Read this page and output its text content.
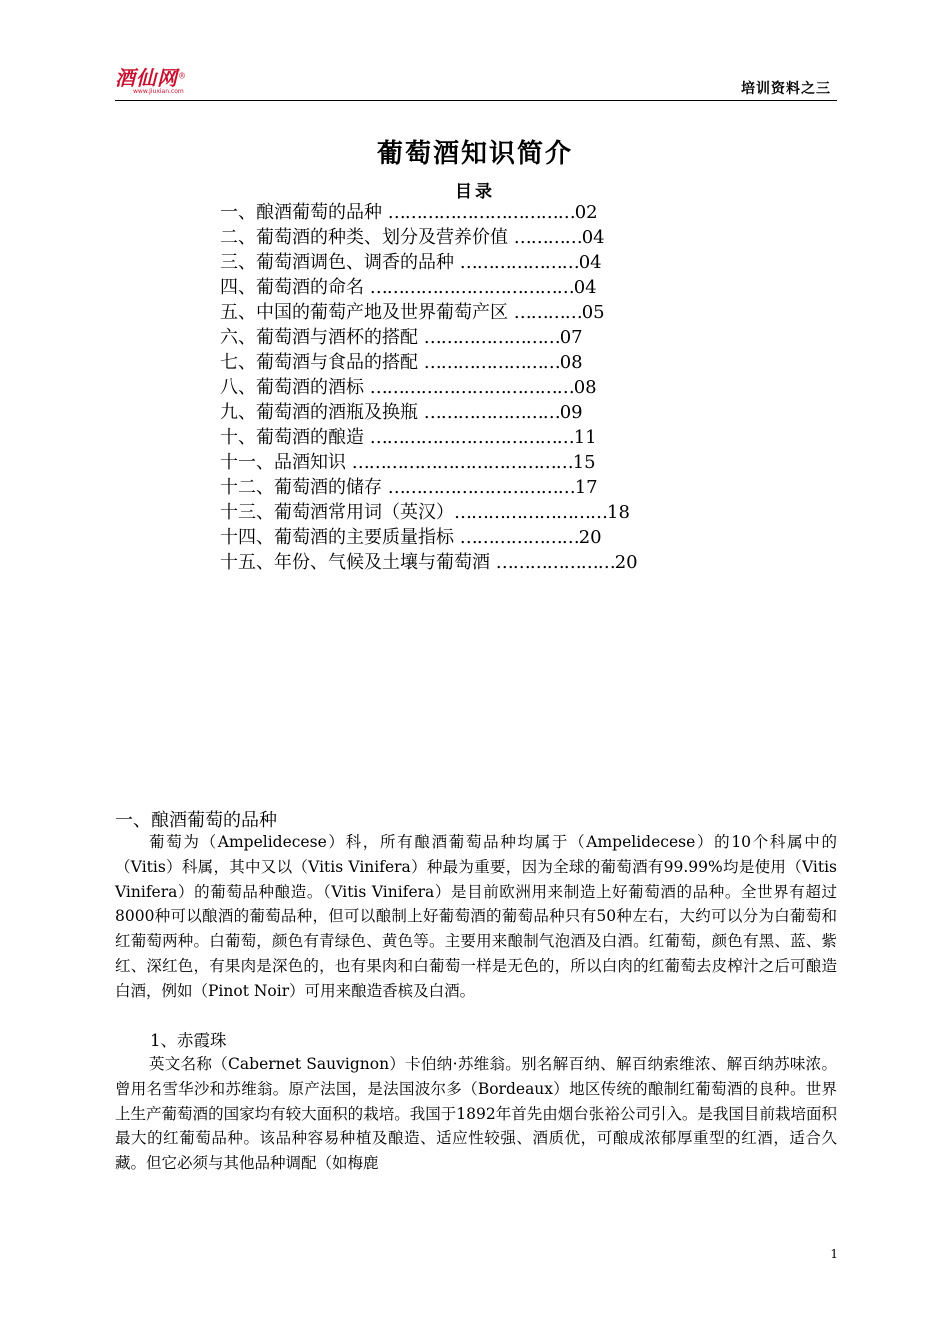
酒仙网®
www.Jiuxian.com	培训资料之三
葡萄酒知识简介
目录
一、酿酒葡萄的品种 ……………………………02
二、葡萄酒的种类、划分及营养价值 …………04
三、葡萄酒调色、调香的品种 …………………04
四、葡萄酒的命名 ………………………………04
五、中国的葡萄产地及世界葡萄产区 …………05
六、葡萄酒与酒杯的搭配 ……………………07
七、葡萄酒与食品的搭配 ……………………08
八、葡萄酒的酒标 ………………………………08
九、葡萄酒的酒瓶及换瓶 ……………………09
十、葡萄酒的酿造 ………………………………11
十一、品酒知识 …………………………………15
十二、葡萄酒的储存 ……………………………17
十三、葡萄酒常用词（英汉）………………………18
十四、葡萄酒的主要质量指标 …………………20
十五、年份、气候及土壤与葡萄酒 …………………20
一、酿酒葡萄的品种
葡萄为（Ampelidecese）科，所有酿酒葡萄品种均属于（Ampelidecese）的10个科属中的（Vitis）科属，其中又以（Vitis Vinifera）种最为重要，因为全球的葡萄酒有99.99%均是使用（Vitis Vinifera）的葡萄品种酿造。（Vitis Vinifera）是目前欧洲用来制造上好葡萄酒的品种。全世界有超过8000种可以酿酒的葡萄品种，但可以酿制上好葡萄酒的葡萄品种只有50种左右，大约可以分为白葡萄和红葡萄两种。白葡萄，颜色有青绿色、黄色等。主要用来酿制气泡酒及白酒。红葡萄，颜色有黑、蓝、紫红、深红色，有果肉是深色的，也有果肉和白葡萄一样是无色的，所以白肉的红葡萄去皮榨汁之后可酿造白酒，例如（Pinot Noir）可用来酿造香槟及白酒。
1、赤霞珠
英文名称（Cabernet Sauvignon）卡伯纳·苏维翁。别名解百纳、解百纳索维浓、解百纳苏味浓。曾用名雪华沙和苏维翁。原产法国，是法国波尔多（Bordeaux）地区传统的酿制红葡萄酒的良种。世界上生产葡萄酒的国家均有较大面积的栽培。我国于1892年首先由烟台张裕公司引入。是我国目前栽培面积最大的红葡萄品种。该品种容易种植及酿造、适应性较强、酒质优，可酿成浓郁厚重型的红酒，适合久藏。但它必须与其他品种调配（如梅鹿
1
